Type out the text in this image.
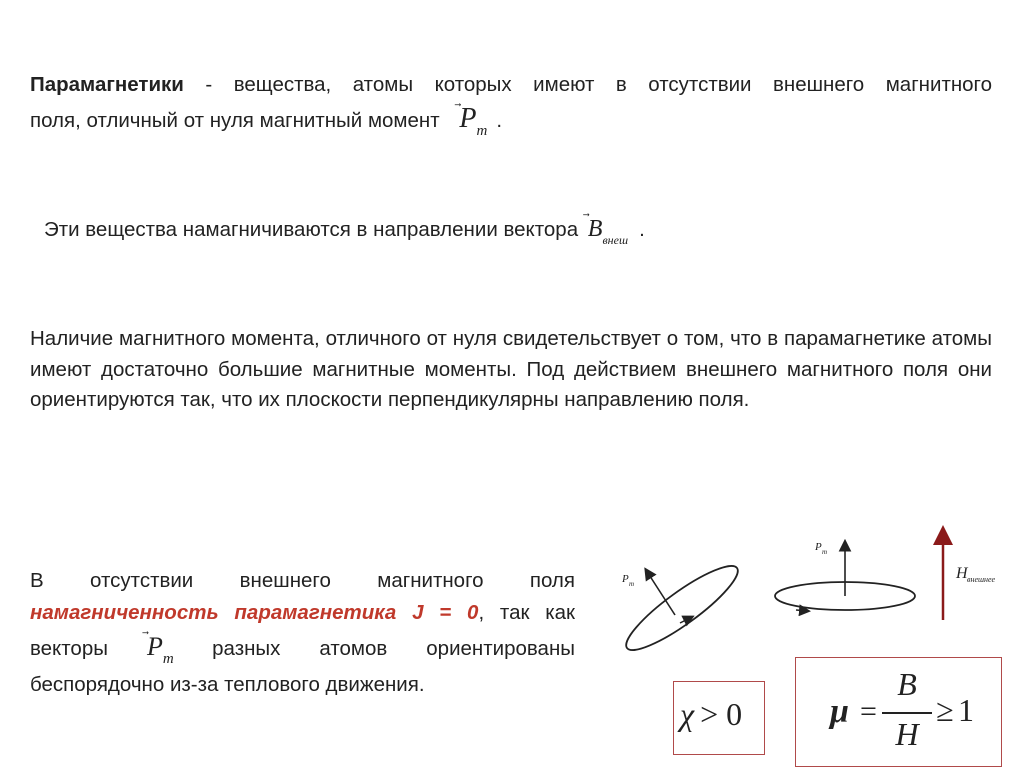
Парамагнетики - вещества, атомы которых имеют в отсутствии внешнего магнитного
поля, отличный от нуля магнитный момент $P_m$ .

Эти вещества намагничиваются в направлении вектора $B_{внеш}$ .

Наличие магнитного момента, отличного от нуля свидетельствует о том, что в парамагнетике атомы имеют достаточно большие магнитные моменты. Под действием внешнего магнитного поля они ориентируются так, что их плоскости перпендикулярны направлению поля.

В отсутствии внешнего магнитного поля
намагниченность парамагнетика J = 0, так как
векторы $P_m$ разных атомов ориентированы
беспорядочно из-за теплового движения.

P m
P m
H внешнее
χ > 0	μ =
B
H
≥ 1
